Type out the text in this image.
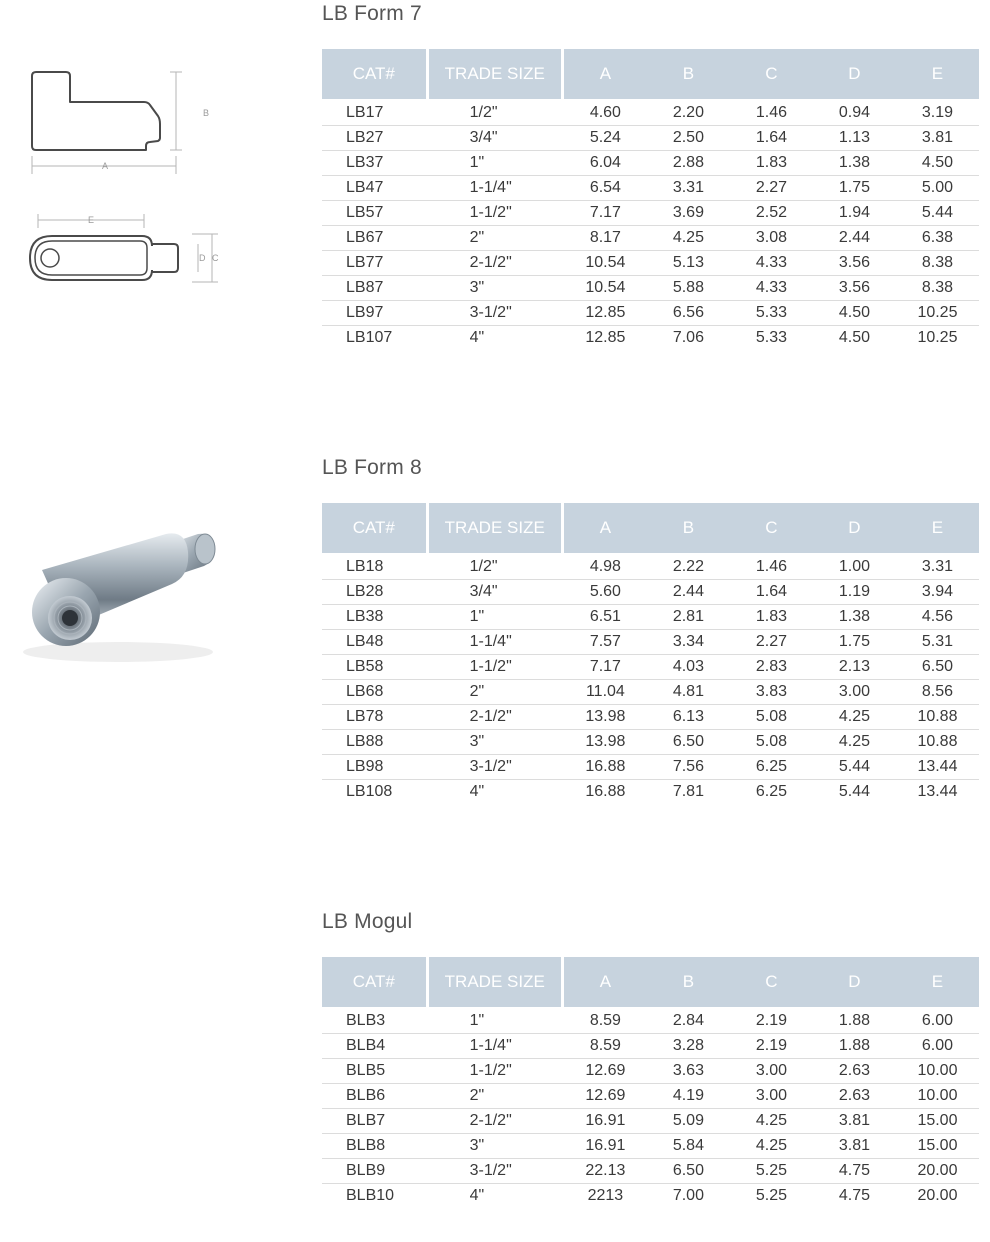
A
B
E
D C
LB Form 7
CAT#	TRADE SIZE	A	B	C	D	E
LB17	1/2"	4.60	2.20	1.46	0.94	3.19
LB27	3/4"	5.24	2.50	1.64	1.13	3.81
LB37	1"	6.04	2.88	1.83	1.38	4.50
LB47	1-1/4"	6.54	3.31	2.27	1.75	5.00
LB57	1-1/2"	7.17	3.69	2.52	1.94	5.44
LB67	2"	8.17	4.25	3.08	2.44	6.38
LB77	2-1/2"	10.54	5.13	4.33	3.56	8.38
LB87	3"	10.54	5.88	4.33	3.56	8.38
LB97	3-1/2"	12.85	6.56	5.33	4.50	10.25
LB107	4"	12.85	7.06	5.33	4.50	10.25
LB Form 8
CAT#	TRADE SIZE	A	B	C	D	E
LB18	1/2"	4.98	2.22	1.46	1.00	3.31
LB28	3/4"	5.60	2.44	1.64	1.19	3.94
LB38	1"	6.51	2.81	1.83	1.38	4.56
LB48	1-1/4"	7.57	3.34	2.27	1.75	5.31
LB58	1-1/2"	7.17	4.03	2.83	2.13	6.50
LB68	2"	11.04	4.81	3.83	3.00	8.56
LB78	2-1/2"	13.98	6.13	5.08	4.25	10.88
LB88	3"	13.98	6.50	5.08	4.25	10.88
LB98	3-1/2"	16.88	7.56	6.25	5.44	13.44
LB108	4"	16.88	7.81	6.25	5.44	13.44
LB Mogul
CAT#	TRADE SIZE	A	B	C	D	E
BLB3	1"	8.59	2.84	2.19	1.88	6.00
BLB4	1-1/4"	8.59	3.28	2.19	1.88	6.00
BLB5	1-1/2"	12.69	3.63	3.00	2.63	10.00
BLB6	2"	12.69	4.19	3.00	2.63	10.00
BLB7	2-1/2"	16.91	5.09	4.25	3.81	15.00
BLB8	3"	16.91	5.84	4.25	3.81	15.00
BLB9	3-1/2"	22.13	6.50	5.25	4.75	20.00
BLB10	4"	2213	7.00	5.25	4.75	20.00
